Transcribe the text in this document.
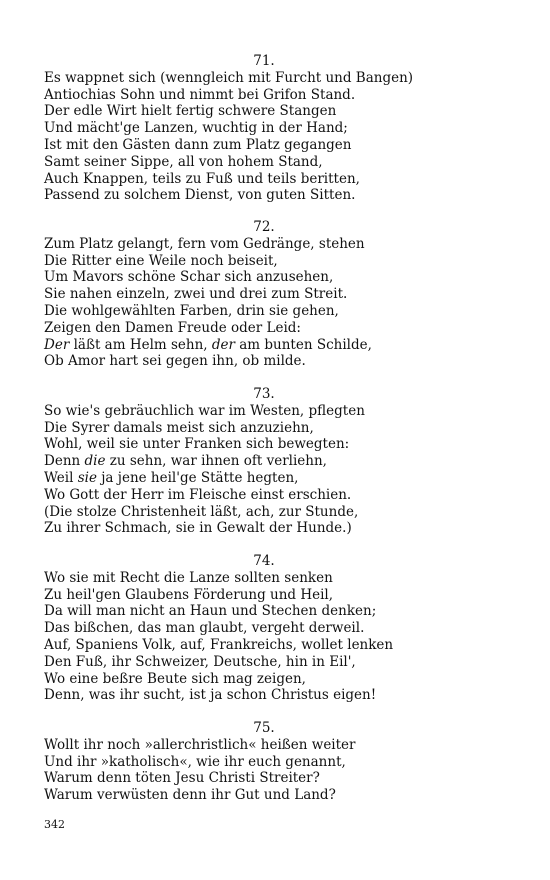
71.
Es wappnet sich (wenngleich mit Furcht und Bangen)
Antiochias Sohn und nimmt bei Grifon Stand.
Der edle Wirt hielt fertig schwere Stangen
Und mächt'ge Lanzen, wuchtig in der Hand;
Ist mit den Gästen dann zum Platz gegangen
Samt seiner Sippe, all von hohem Stand,
Auch Knappen, teils zu Fuß und teils beritten,
Passend zu solchem Dienst, von guten Sitten.
72.
Zum Platz gelangt, fern vom Gedränge, stehen
Die Ritter eine Weile noch beiseit,
Um Mavors schöne Schar sich anzusehen,
Sie nahen einzeln, zwei und drei zum Streit.
Die wohlgewählten Farben, drin sie gehen,
Zeigen den Damen Freude oder Leid:
Der läßt am Helm sehn, der am bunten Schilde,
Ob Amor hart sei gegen ihn, ob milde.
73.
So wie's gebräuchlich war im Westen, pflegten
Die Syrer damals meist sich anzuziehn,
Wohl, weil sie unter Franken sich bewegten:
Denn die zu sehn, war ihnen oft verliehn,
Weil sie ja jene heil'ge Stätte hegten,
Wo Gott der Herr im Fleische einst erschien.
(Die stolze Christenheit läßt, ach, zur Stunde,
Zu ihrer Schmach, sie in Gewalt der Hunde.)
74.
Wo sie mit Recht die Lanze sollten senken
Zu heil'gen Glaubens Förderung und Heil,
Da will man nicht an Haun und Stechen denken;
Das bißchen, das man glaubt, vergeht derweil.
Auf, Spaniens Volk, auf, Frankreichs, wollet lenken
Den Fuß, ihr Schweizer, Deutsche, hin in Eil',
Wo eine beßre Beute sich mag zeigen,
Denn, was ihr sucht, ist ja schon Christus eigen!
75.
Wollt ihr noch »allerchristlich« heißen weiter
Und ihr »katholisch«, wie ihr euch genannt,
Warum denn töten Jesu Christi Streiter?
Warum verwüsten denn ihr Gut und Land?
342
